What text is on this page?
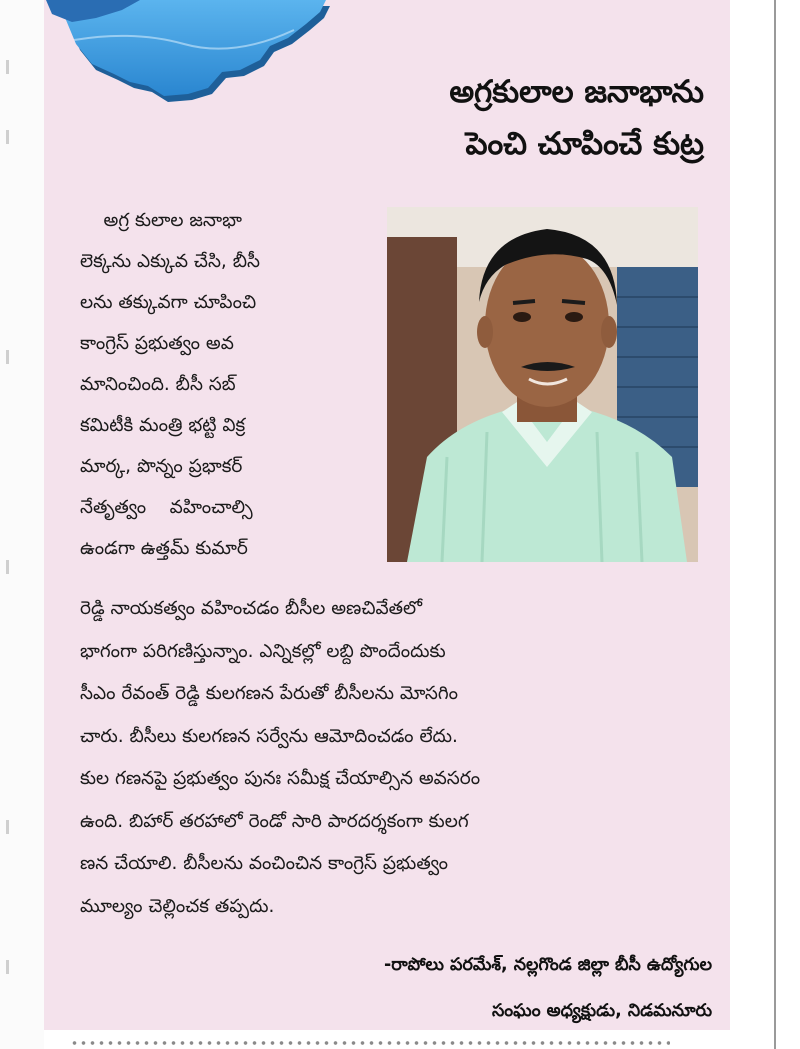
అగ్రకులాల జనాభాను
పెంచి చూపించే కుట్ర
అగ్ర కులాల జనాభా
లెక్కను ఎక్కువ చేసి, బీసీ
లను తక్కువగా చూపించి
కాంగ్రెస్ ప్రభుత్వం అవ
మానించింది. బీసీ సబ్
కమిటీకి మంత్రి భట్టి విక్ర
మార్క, పొన్నం ప్రభాకర్
నేతృత్వం    వహించాల్సి
ఉండగా ఉత్తమ్ కుమార్
రెడ్డి నాయకత్వం వహించడం బీసీల అణచివేతలో
భాగంగా పరిగణిస్తున్నాం. ఎన్నికల్లో లబ్ది పొందేందుకు
సీఎం రేవంత్ రెడ్డి కులగణన పేరుతో బీసీలను మోసగిం
చారు. బీసీలు కులగణన సర్వేను ఆమోదించడం లేదు.
కుల గణనపై ప్రభుత్వం పునః సమీక్ష చేయాల్సిన అవసరం
ఉంది. బిహార్ తరహాలో రెండో సారి పారదర్శకంగా కులగ
ణన చేయాలి. బీసీలను వంచించిన కాంగ్రెస్ ప్రభుత్వం
మూల్యం చెల్లించక తప్పదు.
-రాపోలు పరమేశ్, నల్లగొండ జిల్లా బీసీ ఉద్యోగుల
సంఘం అధ్యక్షుడు, నిడమనూరు
